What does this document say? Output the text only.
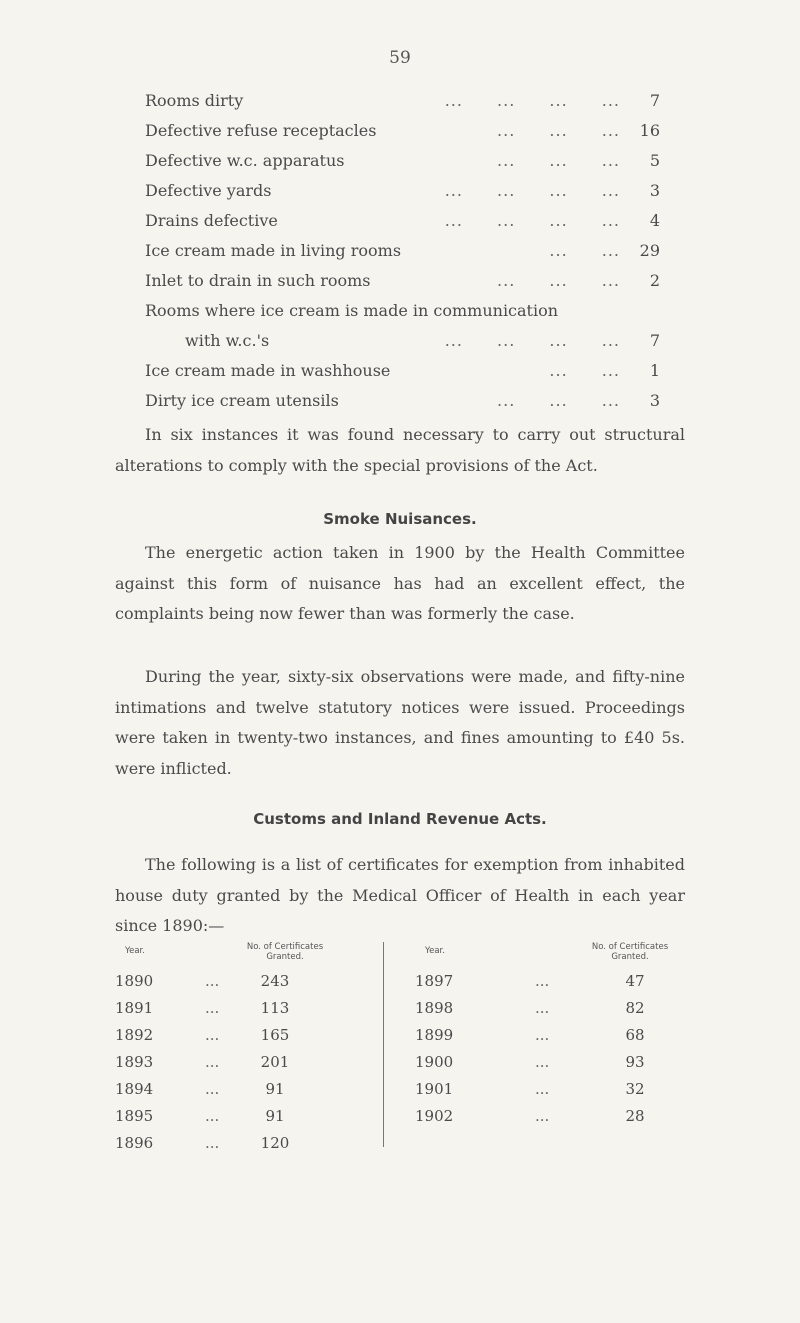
59
Rooms dirty	... ... ... ...	7
Defective refuse receptacles	... ... ...	16
Defective w.c. apparatus	... ... ...	5
Defective yards	... ... ... ...	3
Drains defective	... ... ... ...	4
Ice cream made in living rooms	... ...	29
Inlet to drain in such rooms	... ... ...	2
Rooms where ice cream is made in communication
with w.c.'s	... ... ... ...	7
Ice cream made in washhouse	... ...	1
Dirty ice cream utensils	... ... ...	3
In six instances it was found necessary to carry out structural alterations to comply with the special provisions of the Act.
Smoke Nuisances.
The energetic action taken in 1900 by the Health Committee against this form of nuisance has had an excellent effect, the complaints being now fewer than was formerly the case.
During the year, sixty-six observations were made, and fifty-nine intimations and twelve statutory notices were issued. Proceedings were taken in twenty-two instances, and fines amounting to £40 5s. were inflicted.
Customs and Inland Revenue Acts.
The following is a list of certificates for exemption from inhabited house duty granted by the Medical Officer of Health in each year since 1890:—
Year.	No. of Certificates Granted.
Year.	No. of Certificates Granted.
1890	...	243
1891	...	113
1892	...	165
1893	...	201
1894	...	91
1895	...	91
1896	...	120
1897	...	47
1898	...	82
1899	...	68
1900	...	93
1901	...	32
1902	...	28
